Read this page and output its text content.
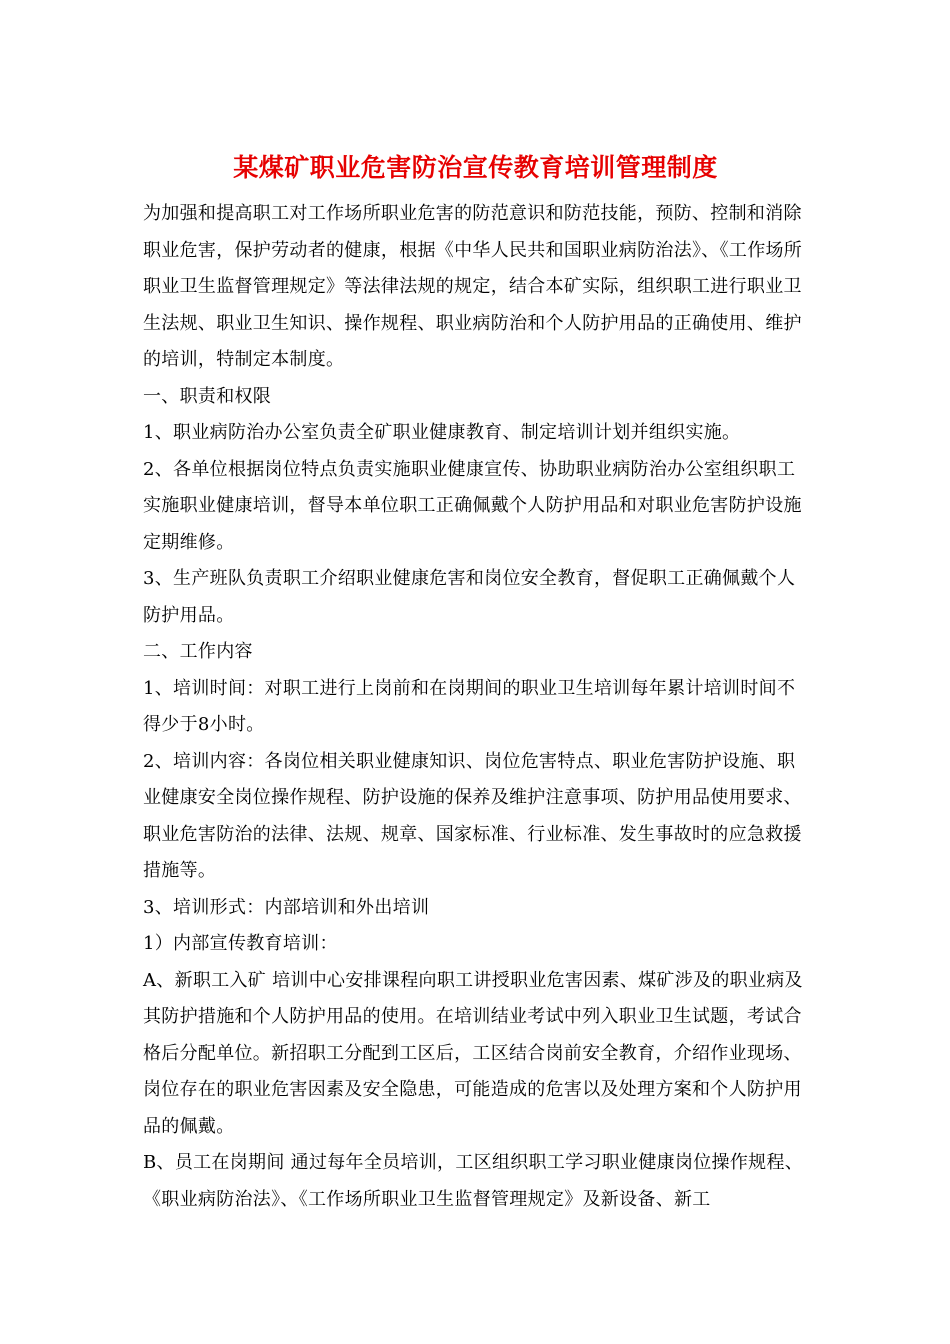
某煤矿职业危害防治宣传教育培训管理制度

为加强和提高职工对工作场所职业危害的防范意识和防范技能，预防、控制和消除职业危害，保护劳动者的健康，根据《中华人民共和国职业病防治法》、《工作场所职业卫生监督管理规定》等法律法规的规定，结合本矿实际，组织职工进行职业卫生法规、职业卫生知识、操作规程、职业病防治和个人防护用品的正确使用、维护的培训，特制定本制度。

一、职责和权限

1、职业病防治办公室负责全矿职业健康教育、制定培训计划并组织实施。

2、各单位根据岗位特点负责实施职业健康宣传、协助职业病防治办公室组织职工实施职业健康培训，督导本单位职工正确佩戴个人防护用品和对职业危害防护设施定期维修。

3、生产班队负责职工介绍职业健康危害和岗位安全教育，督促职工正确佩戴个人防护用品。

二、工作内容

1、培训时间：对职工进行上岗前和在岗期间的职业卫生培训每年累计培训时间不得少于8小时。

2、培训内容：各岗位相关职业健康知识、岗位危害特点、职业危害防护设施、职业健康安全岗位操作规程、防护设施的保养及维护注意事项、防护用品使用要求、职业危害防治的法律、法规、规章、国家标准、行业标准、发生事故时的应急救援措施等。

3、培训形式：内部培训和外出培训

1）内部宣传教育培训：

A、新职工入矿 培训中心安排课程向职工讲授职业危害因素、煤矿涉及的职业病及其防护措施和个人防护用品的使用。在培训结业考试中列入职业卫生试题，考试合格后分配单位。新招职工分配到工区后，工区结合岗前安全教育，介绍作业现场、岗位存在的职业危害因素及安全隐患，可能造成的危害以及处理方案和个人防护用品的佩戴。

B、员工在岗期间 通过每年全员培训，工区组织职工学习职业健康岗位操作规程、《职业病防治法》、《工作场所职业卫生监督管理规定》及新设备、新工
